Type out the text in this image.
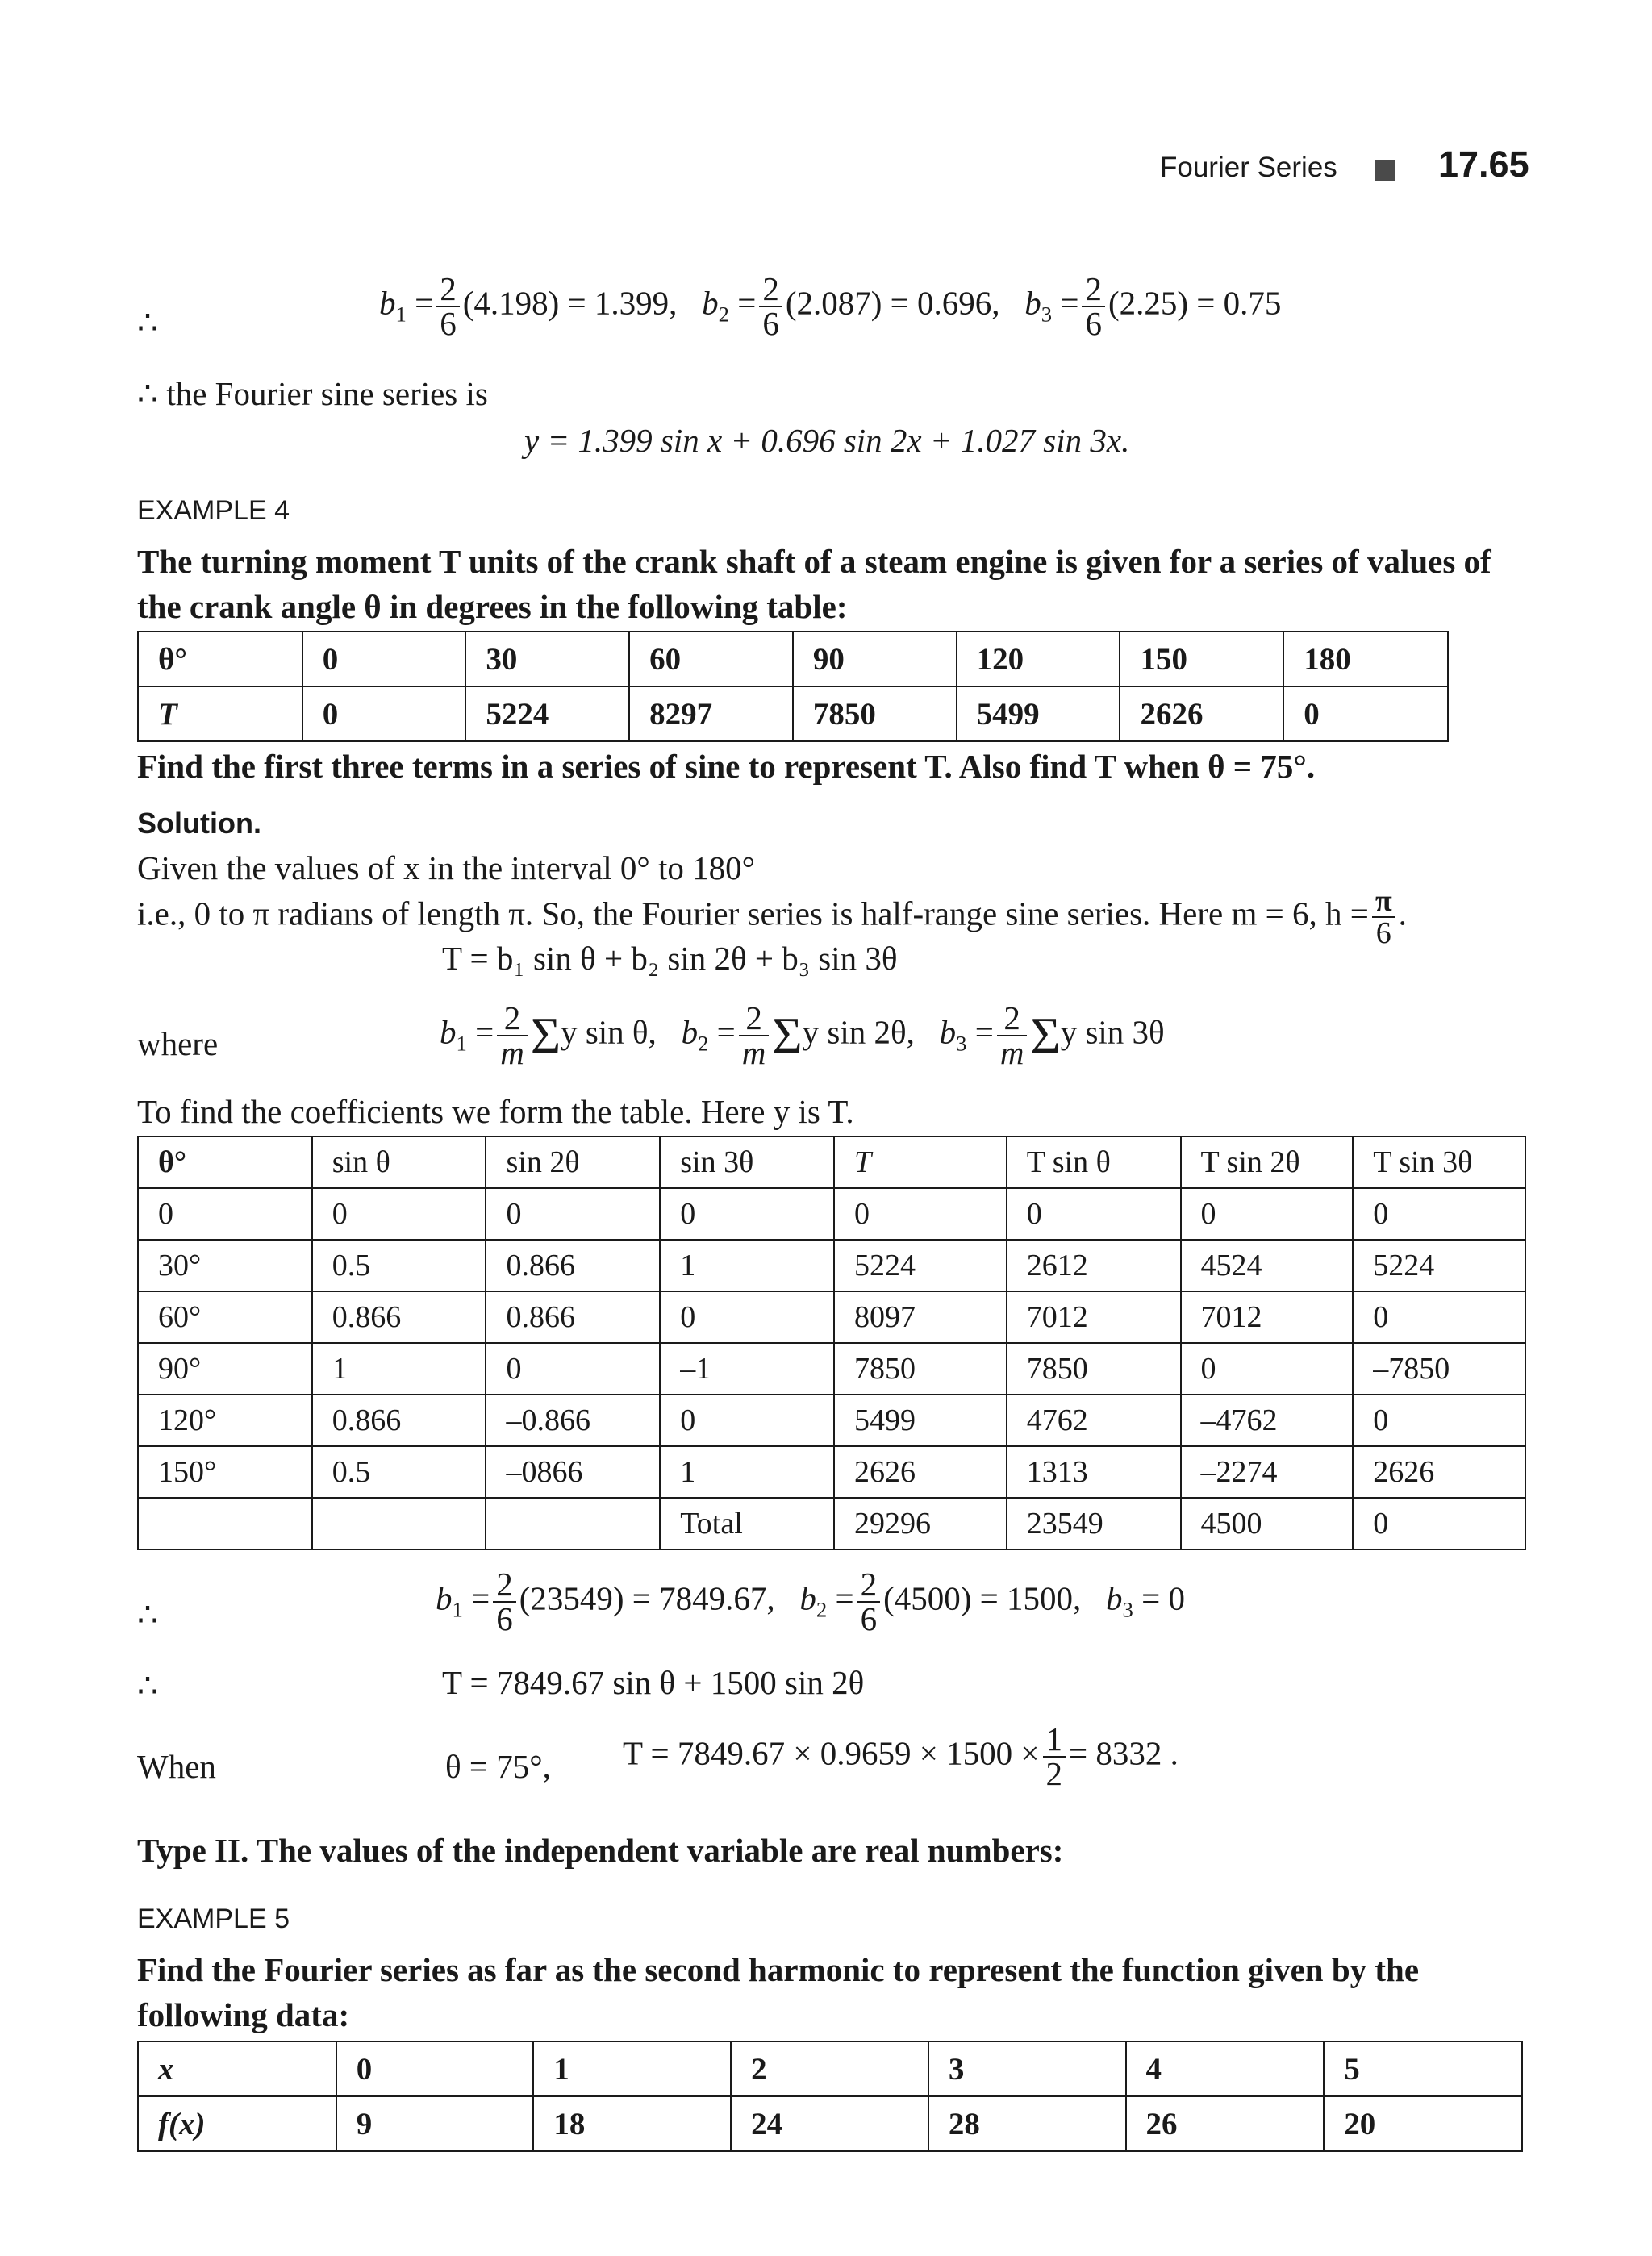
Fourier Series	17.65
∴
$b_1 = \frac{2}{6} (4.198) = 1.399$, $b_2 = \frac{2}{6} (2.087) = 0.696$, $b_3 = \frac{2}{6} (2.25) = 0.75$
∴ the Fourier sine series is
y = 1.399 sin x + 0.696 sin 2x + 1.027 sin 3x.
EXAMPLE 4
The turning moment T units of the crank shaft of a steam engine is given for a series of values of
the crank angle θ in degrees in the following table:
θ°	0	30	60	90	120	150	180
T	0	5224	8297	7850	5499	2626	0
Find the first three terms in a series of sine to represent T. Also find T when θ = 75°.
Solution.
Given the values of x in the interval 0° to 180°
i.e., 0 to π radians of length π. So, the Fourier series is half-range sine series. Here m = 6, $h = \frac{\pi}{6}$ .
T = b₁ sin θ + b₂ sin 2θ + b₃ sin 3θ
where	$b_1 = \frac{2}{m}$ Σy sin θ, $b_2 = \frac{2}{m}$ Σy sin 2θ, $b_3 = \frac{2}{m}$ Σy sin 3θ
To find the coefficients we form the table. Here y is T.
θ°	sin θ	sin 2θ	sin 3θ	T	T sin θ	T sin 2θ	T sin 3θ
0	0	0	0	0	0	0	0
30°	0.5	0.866	1	5224	2612	4524	5224
60°	0.866	0.866	0	8097	7012	7012	0
90°	1	0	–1	7850	7850	0	–7850
120°	0.866	–0.866	0	5499	4762	–4762	0
150°	0.5	–0866	1	2626	1313	–2274	2626
			Total	29296	23549	4500	0
∴	$b_1 = \frac{2}{6} (23549) = 7849.67$, $b_2 = \frac{2}{6} (4500) = 1500$, $b_3 = 0$
∴	T = 7849.67 sin θ + 1500 sin 2θ
When	θ = 75°, $T = 7849.67 \times 0.9659 \times 1500 \times \frac{1}{2} = 8332$ .
Type II. The values of the independent variable are real numbers:
EXAMPLE 5
Find the Fourier series as far as the second harmonic to represent the function given by the
following data:
x	0	1	2	3	4	5
f(x)	9	18	24	28	26	20
